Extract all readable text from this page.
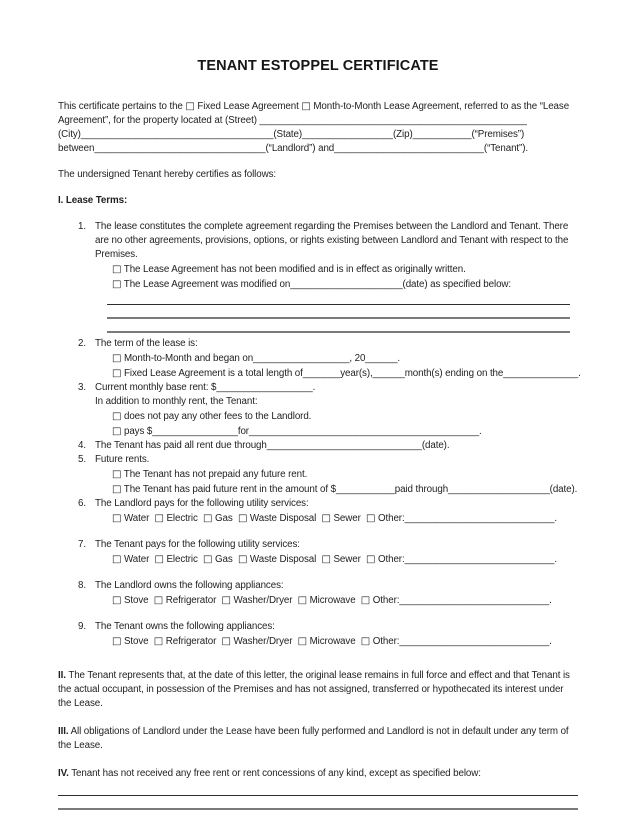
TENANT ESTOPPEL CERTIFICATE

This certificate pertains to the □ Fixed Lease Agreement □ Month-to-Month Lease Agreement, referred to as the “Lease

Agreement”, for the property located at (Street) __________________________________________________

(City)____________________________________(State)_________________(Zip)___________(“Premises”)

between________________________________(“Landlord”) and____________________________(“Tenant”).

The undersigned Tenant hereby certifies as follows:

I. Lease Terms:

1. The lease constitutes the complete agreement regarding the Premises between the Landlord and Tenant. There are no other agreements, provisions, options, or rights existing between Landlord and Tenant with respect to the Premises.
□ The Lease Agreement has not been modified and is in effect as originally written.
□ The Lease Agreement was modified on_____________________(date) as specified below:
2. The term of the lease is:
□ Month-to-Month and began on__________________, 20______.
□ Fixed Lease Agreement is a total length of_______year(s),______month(s) ending on the______________.
3. Current monthly base rent: $__________________.
In addition to monthly rent, the Tenant:
□ does not pay any other fees to the Landlord.
□ pays $________________for___________________________________________.
4. The Tenant has paid all rent due through_____________________________(date).
5. Future rents.
□ The Tenant has not prepaid any future rent.
□ The Tenant has paid future rent in the amount of $___________paid through___________________(date).
6. The Landlord pays for the following utility services:
□ Water  □ Electric  □ Gas  □ Waste Disposal  □ Sewer  □ Other:____________________________.
7. The Tenant pays for the following utility services:
□ Water  □ Electric  □ Gas  □ Waste Disposal  □ Sewer  □ Other:____________________________.
8. The Landlord owns the following appliances:
□ Stove  □ Refrigerator  □ Washer/Dryer  □ Microwave  □ Other:____________________________.
9. The Tenant owns the following appliances:
□ Stove  □ Refrigerator  □ Washer/Dryer  □ Microwave  □ Other:____________________________.

II. The Tenant represents that, at the date of this letter, the original lease remains in full force and effect and that Tenant is the actual occupant, in possession of the Premises and has not assigned, transferred or hypothecated its interest under the Lease.

III. All obligations of Landlord under the Lease have been fully performed and Landlord is not in default under any term of the Lease.

IV. Tenant has not received any free rent or rent concessions of any kind, except as specified below:
